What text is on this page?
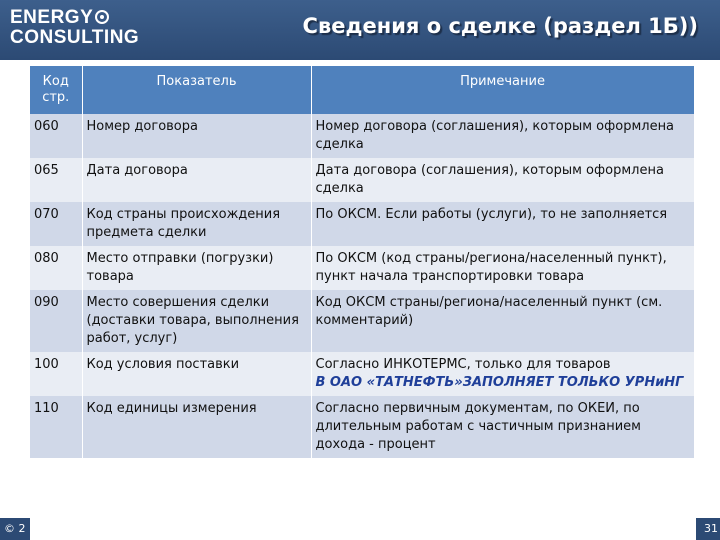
ENERGY
CONSULTING	Сведения о сделке (раздел 1Б))
Код стр.	Показатель	Примечание
060	Номер договора	Номер договора (соглашения), которым оформлена сделка
065	Дата договора	Дата договора (соглашения), которым оформлена сделка
070	Код страны происхождения предмета сделки	По ОКСМ. Если работы (услуги), то не заполняется
080	Место отправки (погрузки) товара	По ОКСМ (код страны/региона/населенный пункт), пункт начала транспортировки товара
090	Место совершения сделки (доставки товара, выполнения работ, услуг)	Код ОКСМ страны/региона/населенный пункт (см. комментарий)
100	Код условия поставки	Согласно ИНКОТЕРМС, только для товаров
В ОАО «ТАТНЕФТЬ»ЗАПОЛНЯЕТ ТОЛЬКО УРНиНГ
110	Код единицы измерения	Согласно первичным документам, по ОКЕИ, по длительным работам с частичным признанием дохода - процент
© 2	31
